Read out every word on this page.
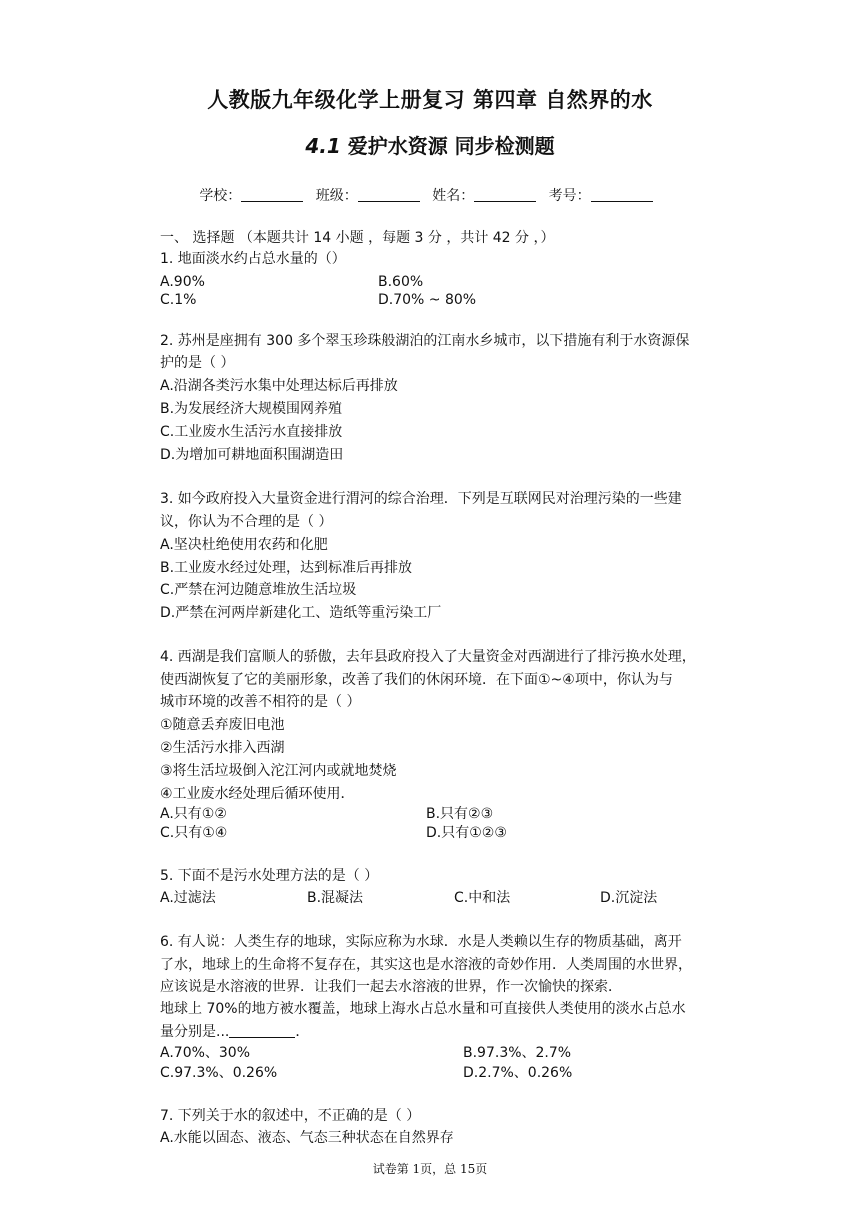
人教版九年级化学上册复习 第四章 自然界的水
4.1 爱护水资源 同步检测题
学校：	班级：	姓名：	考号：
一、 选择题 （本题共计 14 小题 ，每题 3 分 ，共计 42 分 ，）
1. 地面淡水约占总水量的（）
A.90%	B.60%
C.1%	D.70% ~ 80%
2. 苏州是座拥有 300 多个翠玉珍珠般湖泊的江南水乡城市，以下措施有利于水资源保
护的是（ ）
A.沿湖各类污水集中处理达标后再排放
B.为发展经济大规模围网养殖
C.工业废水生活污水直接排放
D.为增加可耕地面积围湖造田
3. 如今政府投入大量资金进行渭河的综合治理．下列是互联网民对治理污染的一些建
议，你认为不合理的是（ ）
A.坚决杜绝使用农药和化肥
B.工业废水经过处理，达到标准后再排放
C.严禁在河边随意堆放生活垃圾
D.严禁在河两岸新建化工、造纸等重污染工厂
4. 西湖是我们富顺人的骄傲，去年县政府投入了大量资金对西湖进行了排污换水处理，
使西湖恢复了它的美丽形象，改善了我们的休闲环境．在下面①~④项中，你认为与
城市环境的改善不相符的是（ ）
①随意丢弃废旧电池
②生活污水排入西湖
③将生活垃圾倒入沱江河内或就地焚烧
④工业废水经处理后循环使用．
A.只有①②	B.只有②③
C.只有①④	D.只有①②③
5. 下面不是污水处理方法的是（ ）
A.过滤法	B.混凝法	C.中和法	D.沉淀法
6. 有人说：人类生存的地球，实际应称为水球．水是人类赖以生存的物质基础，离开
了水，地球上的生命将不复存在，其实这也是水溶液的奇妙作用．人类周围的水世界，
应该说是水溶液的世界．让我们一起去水溶液的世界，作一次愉快的探索．
地球上 70%的地方被水覆盖，地球上海水占总水量和可直接供人类使用的淡水占总水
量分别是...	．
A.70%、30%	B.97.3%、2.7%
C.97.3%、0.26%	D.2.7%、0.26%
7. 下列关于水的叙述中，不正确的是（ ）
A.水能以固态、液态、气态三种状态在自然界存
试卷第 1页，总 15页
